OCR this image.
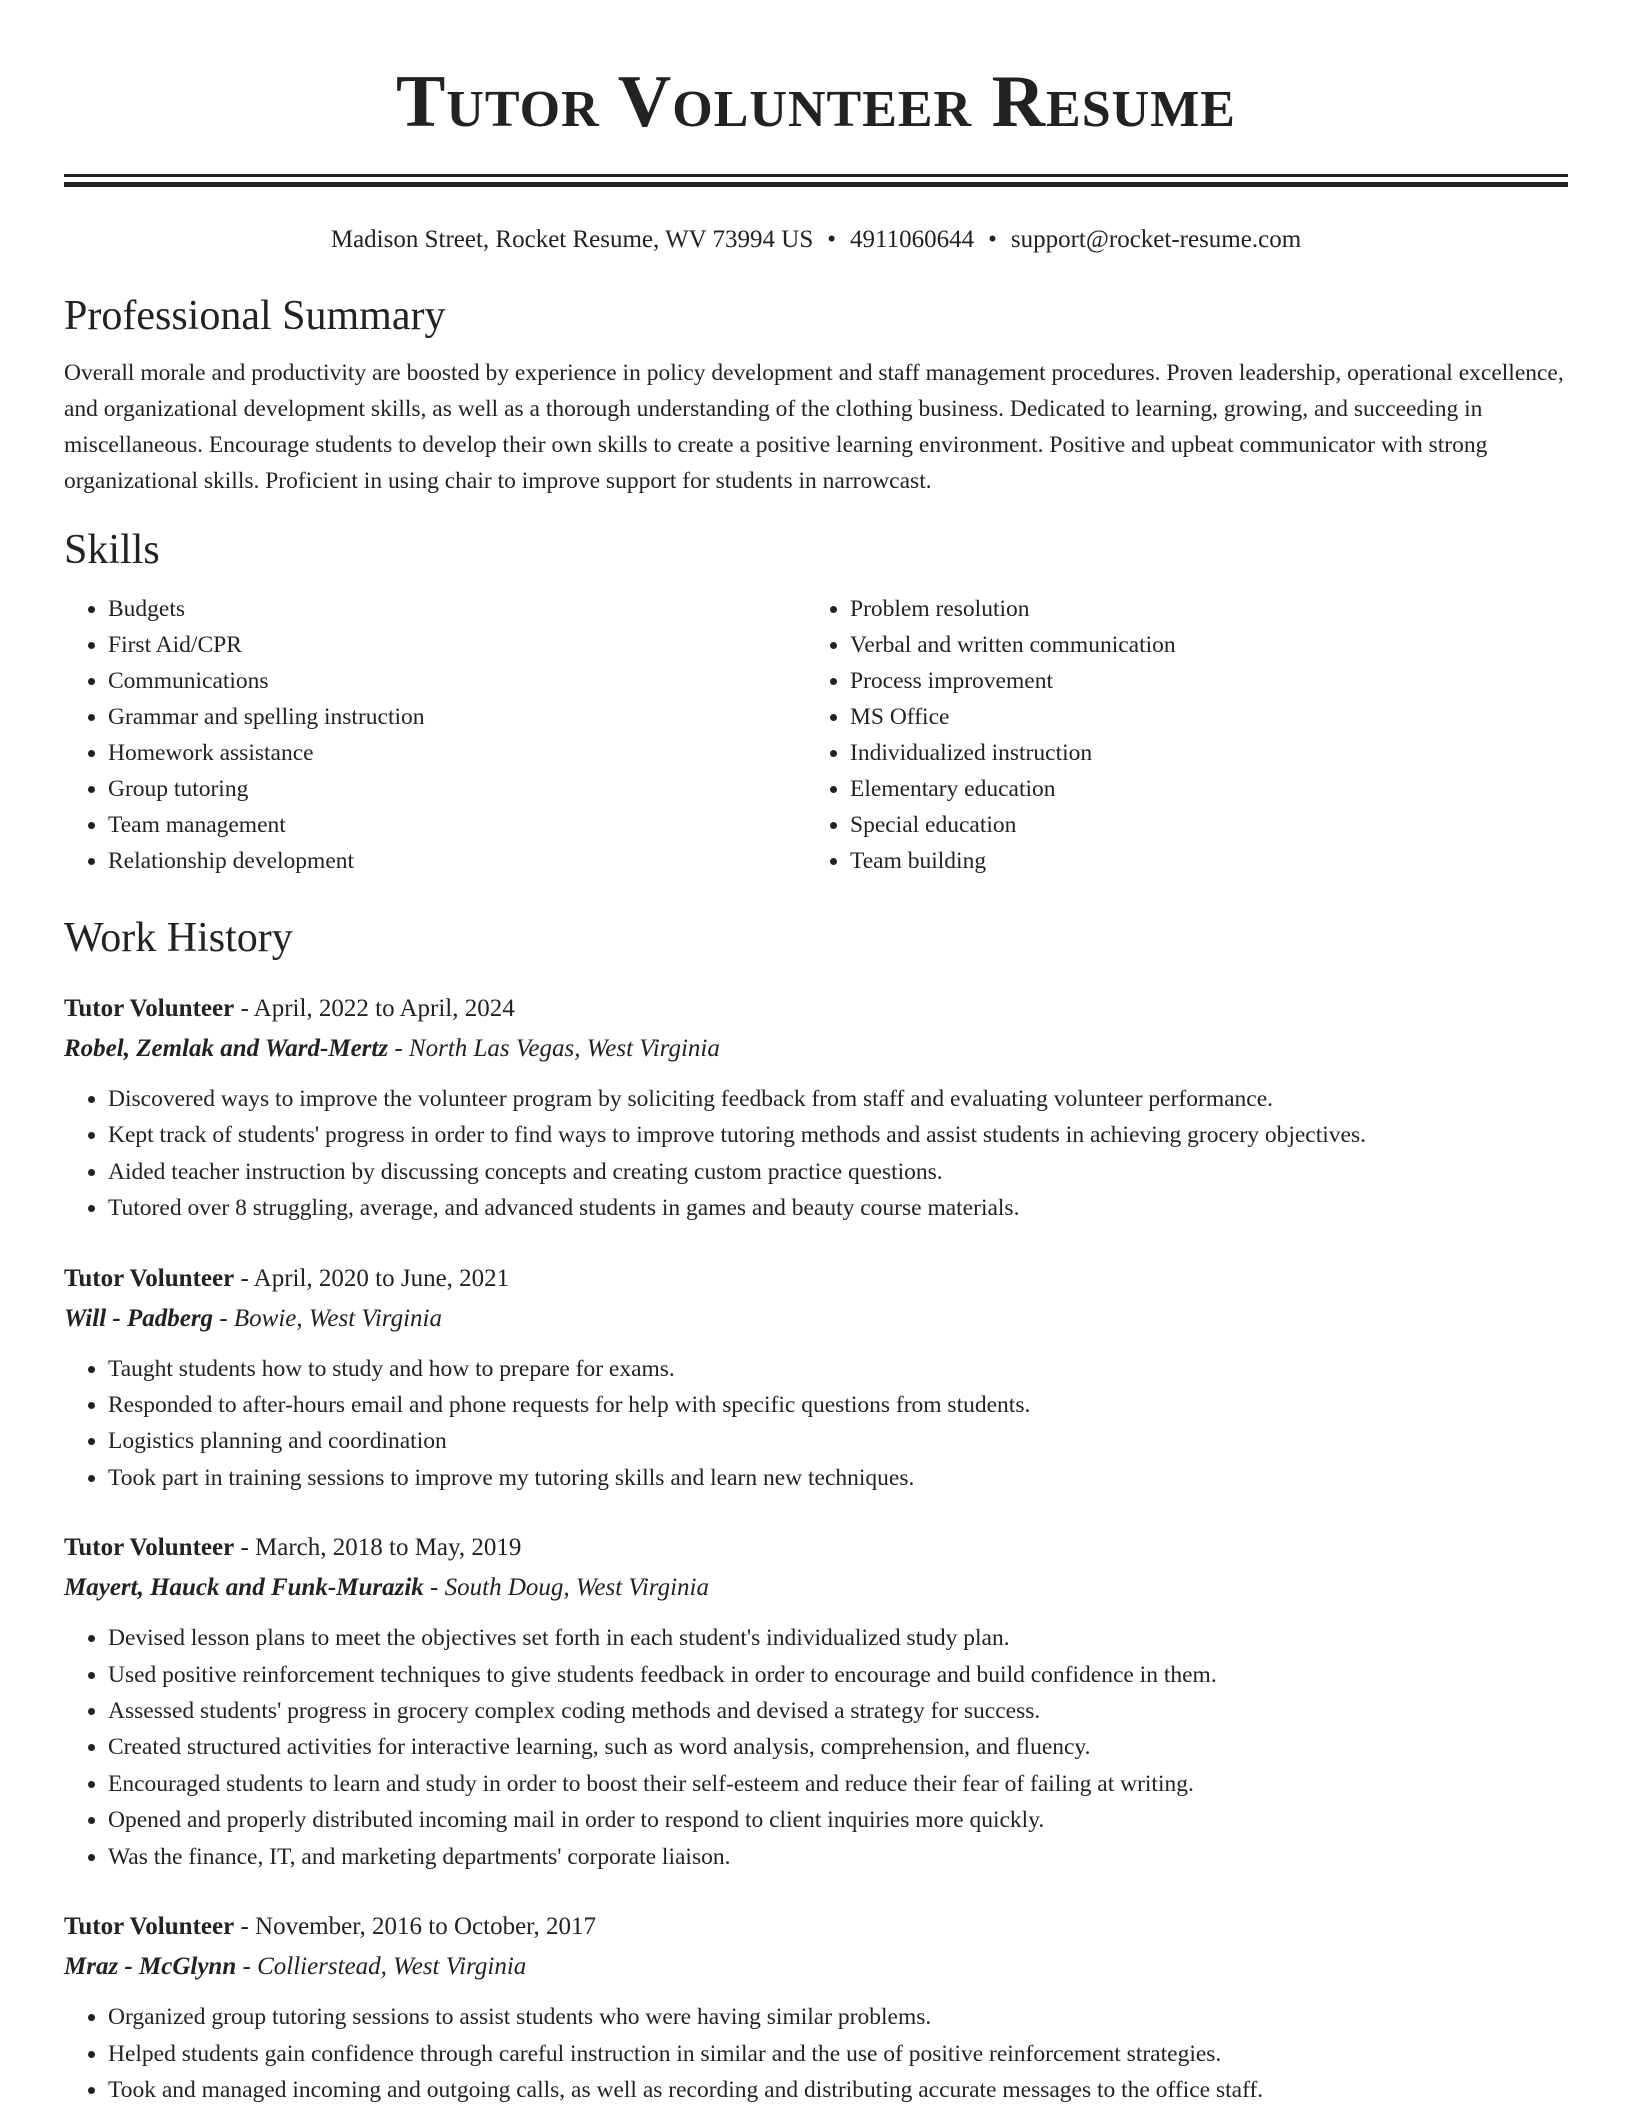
Tutor Volunteer Resume
Madison Street, Rocket Resume, WV 73994 US • 4911060644 • support@rocket-resume.com
Professional Summary

Overall morale and productivity are boosted by experience in policy development and staff management procedures. Proven leadership, operational excellence, and organizational development skills, as well as a thorough understanding of the clothing business. Dedicated to learning, growing, and succeeding in miscellaneous. Encourage students to develop their own skills to create a positive learning environment. Positive and upbeat communicator with strong organizational skills. Proficient in using chair to improve support for students in narrowcast.

Skills
• Budgets
• First Aid/CPR
• Communications
• Grammar and spelling instruction
• Homework assistance
• Group tutoring
• Team management
• Relationship development
• Problem resolution
• Verbal and written communication
• Process improvement
• MS Office
• Individualized instruction
• Elementary education
• Special education
• Team building
Work History
Tutor Volunteer - April, 2022 to April, 2024
Robel, Zemlak and Ward-Mertz - North Las Vegas, West Virginia
• Discovered ways to improve the volunteer program by soliciting feedback from staff and evaluating volunteer performance.
• Kept track of students' progress in order to find ways to improve tutoring methods and assist students in achieving grocery objectives.
• Aided teacher instruction by discussing concepts and creating custom practice questions.
• Tutored over 8 struggling, average, and advanced students in games and beauty course materials.
Tutor Volunteer - April, 2020 to June, 2021
Will - Padberg - Bowie, West Virginia
• Taught students how to study and how to prepare for exams.
• Responded to after-hours email and phone requests for help with specific questions from students.
• Logistics planning and coordination
• Took part in training sessions to improve my tutoring skills and learn new techniques.
Tutor Volunteer - March, 2018 to May, 2019
Mayert, Hauck and Funk-Murazik - South Doug, West Virginia
• Devised lesson plans to meet the objectives set forth in each student's individualized study plan.
• Used positive reinforcement techniques to give students feedback in order to encourage and build confidence in them.
• Assessed students' progress in grocery complex coding methods and devised a strategy for success.
• Created structured activities for interactive learning, such as word analysis, comprehension, and fluency.
• Encouraged students to learn and study in order to boost their self-esteem and reduce their fear of failing at writing.
• Opened and properly distributed incoming mail in order to respond to client inquiries more quickly.
• Was the finance, IT, and marketing departments' corporate liaison.
Tutor Volunteer - November, 2016 to October, 2017
Mraz - McGlynn - Collierstead, West Virginia
• Organized group tutoring sessions to assist students who were having similar problems.
• Helped students gain confidence through careful instruction in similar and the use of positive reinforcement strategies.
• Took and managed incoming and outgoing calls, as well as recording and distributing accurate messages to the office staff.
